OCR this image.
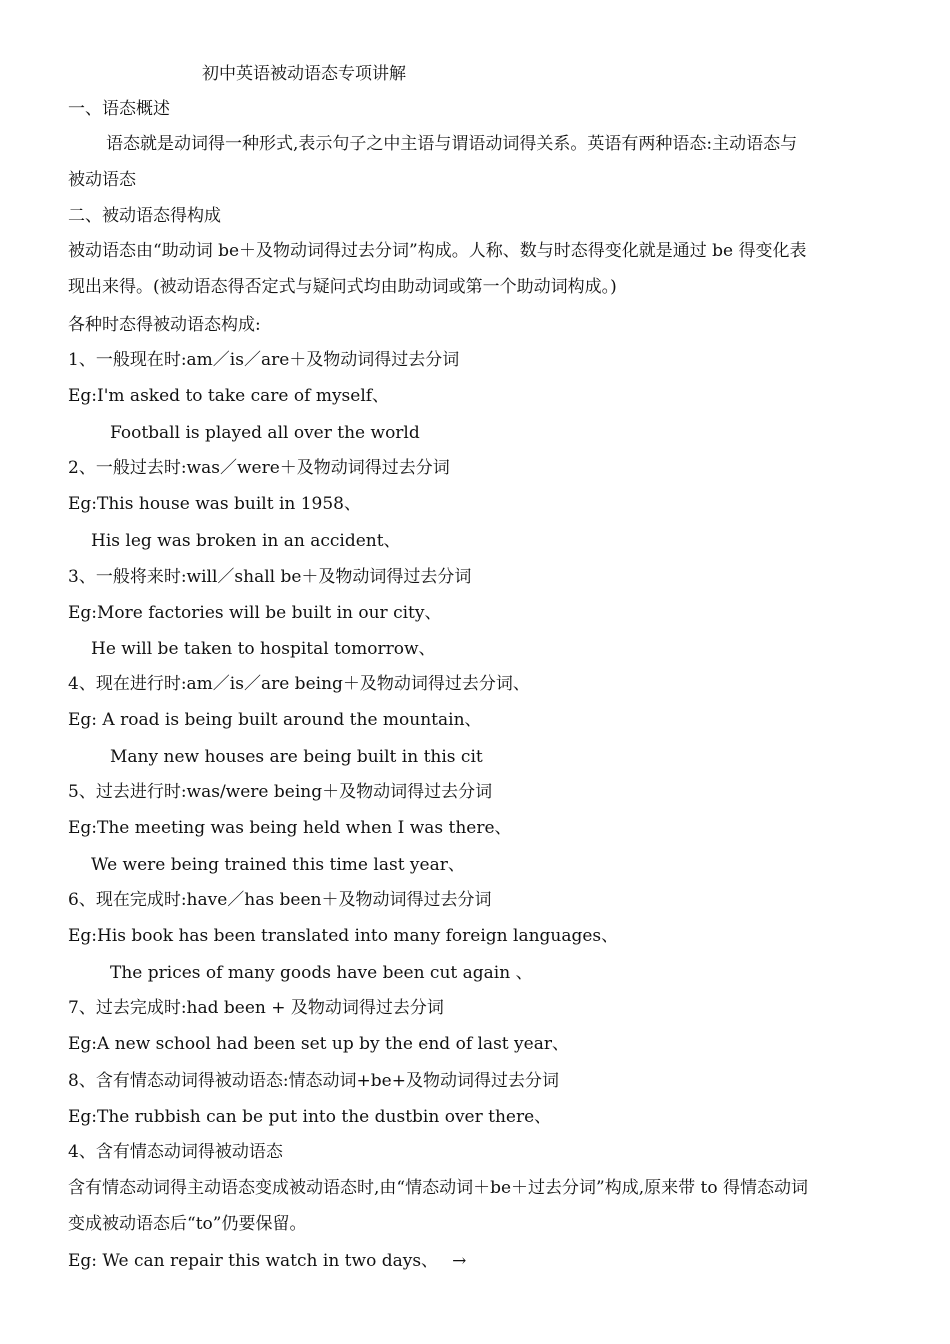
初中英语被动语态专项讲解
一、语态概述
语态就是动词得一种形式,表示句子之中主语与谓语动词得关系。英语有两种语态:主动语态与
被动语态
二、被动语态得构成
被动语态由“助动词 be＋及物动词得过去分词”构成。人称、数与时态得变化就是通过 be 得变化表
现出来得。(被动语态得否定式与疑问式均由助动词或第一个助动词构成。)
各种时态得被动语态构成:
1、一般现在时:am／is／are＋及物动词得过去分词
Eg:I'm asked to take care of myself、
Football is played all over the world
2、一般过去时:was／were＋及物动词得过去分词
Eg:This house was built in 1958、
His leg was broken in an accident、
3、一般将来时:will／shall be＋及物动词得过去分词
Eg:More factories will be built in our city、
He will be taken to hospital tomorrow、
4、现在进行时:am／is／are being＋及物动词得过去分词、
Eg: A road is being built around the mountain、
Many new houses are being built in this cit
5、过去进行时:was/were being＋及物动词得过去分词
Eg:The meeting was being held when I was there、
We were being trained this time last year、
6、现在完成时:have／has been＋及物动词得过去分词
Eg:His book has been translated into many foreign languages、
The prices of many goods have been cut again 、
7、过去完成时:had been + 及物动词得过去分词
Eg:A new school had been set up by the end of last year、
8、含有情态动词得被动语态:情态动词+be+及物动词得过去分词
Eg:The rubbish can be put into the dustbin over there、
4、含有情态动词得被动语态
含有情态动词得主动语态变成被动语态时,由“情态动词＋be＋过去分词”构成,原来带 to 得情态动词
变成被动语态后“to”仍要保留。
Eg: We can repair this watch in two days、 →
